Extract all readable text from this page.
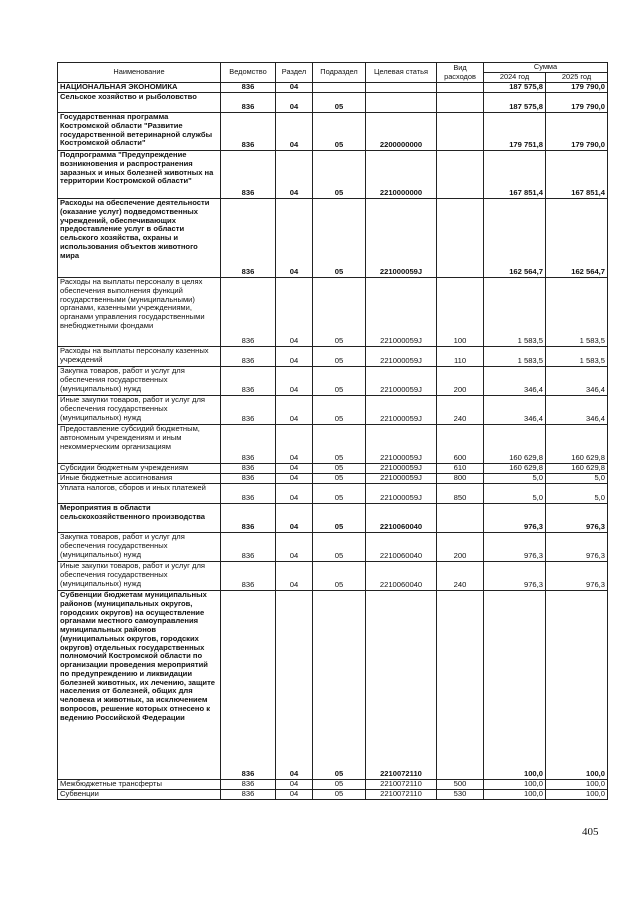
Наименование	Ведомство	Раздел	Подраздел	Целевая статья	Вид расходов	Сумма	
						2024 год	2025 год
НАЦИОНАЛЬНАЯ ЭКОНОМИКА	836	04				187 575,8	179 790,0
Сельское хозяйство и рыболовство	836	04	05			187 575,8	179 790,0
Государственная программа Костромской области "Развитие государственной ветеринарной службы Костромской области"	836	04	05	2200000000		179 751,8	179 790,0
Подпрограмма "Предупреждение возникновения и распространения заразных и иных болезней животных на территории Костромской области"	836	04	05	2210000000		167 851,4	167 851,4
Расходы на обеспечение деятельности (оказание услуг) подведомственных учреждений, обеспечивающих предоставление услуг в области сельского хозяйства, охраны и использования объектов животного мира	836	04	05	221000059J		162 564,7	162 564,7
Расходы на выплаты персоналу в целях обеспечения выполнения функций государственными (муниципальными) органами, казенными учреждениями, органами управления государственными внебюджетными фондами	836	04	05	221000059J	100	1 583,5	1 583,5
Расходы на выплаты персоналу казенных учреждений	836	04	05	221000059J	110	1 583,5	1 583,5
Закупка товаров, работ и услуг для обеспечения государственных (муниципальных) нужд	836	04	05	221000059J	200	346,4	346,4
Иные закупки товаров, работ и услуг для обеспечения государственных (муниципальных) нужд	836	04	05	221000059J	240	346,4	346,4
Предоставление субсидий бюджетным, автономным учреждениям и иным некоммерческим организациям	836	04	05	221000059J	600	160 629,8	160 629,8
Субсидии бюджетным учреждениям	836	04	05	221000059J	610	160 629,8	160 629,8
Иные бюджетные ассигнования	836	04	05	221000059J	800	5,0	5,0
Уплата налогов, сборов и иных платежей	836	04	05	221000059J	850	5,0	5,0
Мероприятия в области сельскохозяйственного производства	836	04	05	2210060040		976,3	976,3
Закупка товаров, работ и услуг для обеспечения государственных (муниципальных) нужд	836	04	05	2210060040	200	976,3	976,3
Иные закупки товаров, работ и услуг для обеспечения государственных (муниципальных) нужд	836	04	05	2210060040	240	976,3	976,3
Субвенции бюджетам муниципальных районов (муниципальных округов, городских округов) на осуществление органами местного самоуправления муниципальных районов (муниципальных округов, городских округов) отдельных государственных полномочий Костромской области по организации проведения мероприятий по предупреждению и ликвидации болезней животных, их лечению, защите населения от болезней, общих для человека и животных, за исключением вопросов, решение которых отнесено к ведению Российской Федерации	836	04	05	2210072110		100,0	100,0
Межбюджетные трансферты	836	04	05	2210072110	500	100,0	100,0
Субвенции	836	04	05	2210072110	530	100,0	100,0
405
